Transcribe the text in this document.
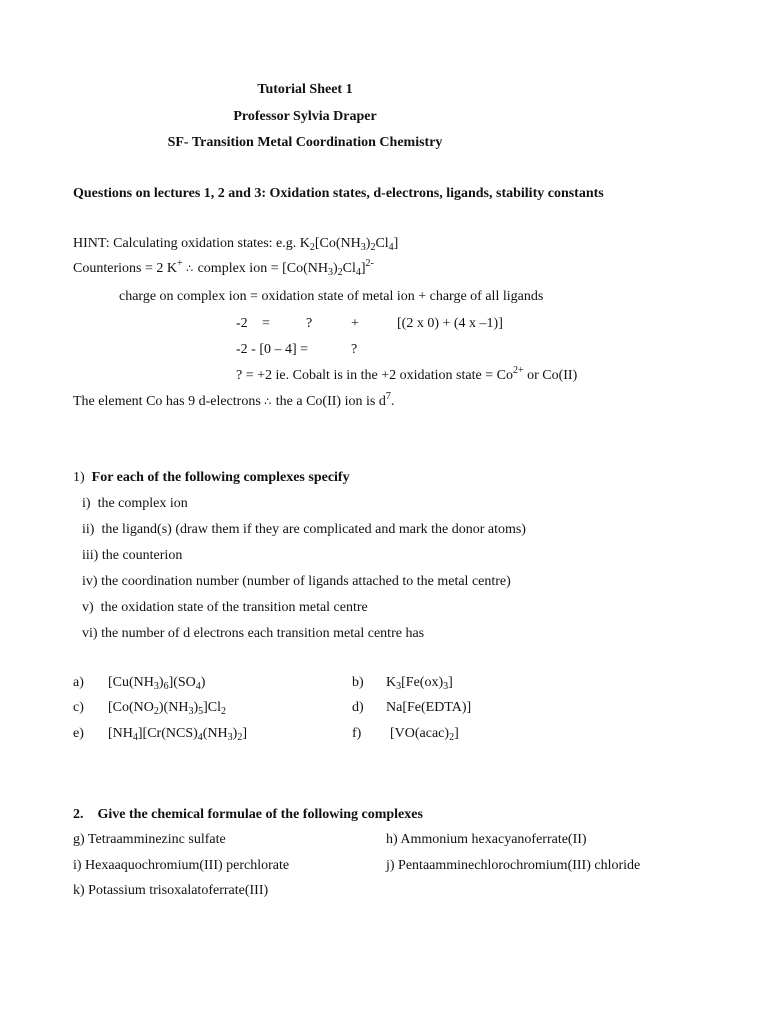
Tutorial Sheet 1
Professor Sylvia Draper
SF- Transition Metal Coordination Chemistry
Questions on lectures 1, 2 and 3: Oxidation states, d-electrons, ligands, stability constants
HINT: Calculating oxidation states: e.g. $K_2[Co(NH_3)_2Cl_4]$
Counterions = 2 K+ ∴ complex ion = $[Co(NH_3)_2Cl_4]^{2-}$
charge on complex ion = oxidation state of metal ion + charge of all ligands
-2 =	?	+	[(2 x 0) + (4 x –1)]
-2 - [0 – 4] =	?
? = +2 ie. Cobalt is in the +2 oxidation state = $Co^{2+}$ or Co(II)
The element Co has 9 d-electrons ∴ the a Co(II) ion is $d^7$.
1) For each of the following complexes specify
i) the complex ion
ii) the ligand(s) (draw them if they are complicated and mark the donor atoms)
iii) the counterion
iv) the coordination number (number of ligands attached to the metal centre)
v) the oxidation state of the transition metal centre
vi) the number of d electrons each transition metal centre has
a) $[Cu(NH_3)_6](SO_4)$	b) $K_3[Fe(ox)_3]$
c) $[Co(NO_2)(NH_3)_5]Cl_2$	d) Na[Fe(EDTA)]
e) $[NH_4][Cr(NCS)_4(NH_3)_2]$	f) $[VO(acac)_2]$
2. Give the chemical formulae of the following complexes
g) Tetraamminezinc sulfate	h) Ammonium hexacyanoferrate(II)
i) Hexaaquochromium(III) perchlorate	j) Pentaamminechlorochromium(III) chloride
k) Potassium trisoxalatoferrate(III)
